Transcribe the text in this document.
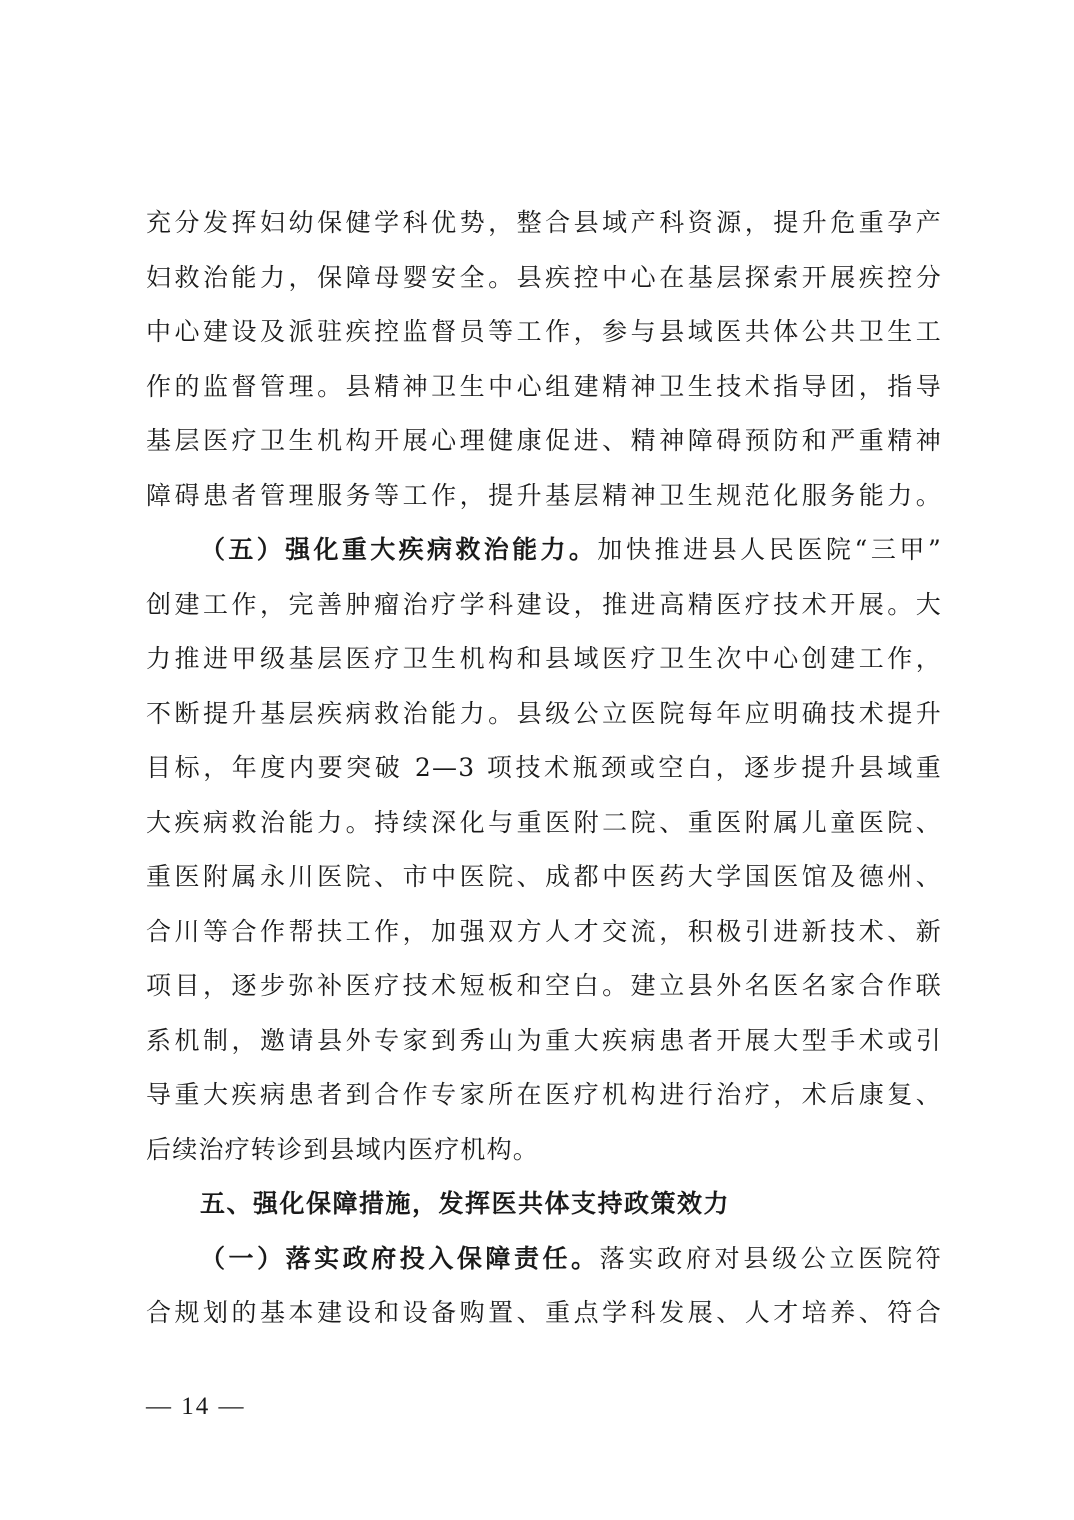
充分发挥妇幼保健学科优势，整合县域产科资源，提升危重孕产
妇救治能力，保障母婴安全。县疾控中心在基层探索开展疾控分
中心建设及派驻疾控监督员等工作，参与县域医共体公共卫生工
作的监督管理。县精神卫生中心组建精神卫生技术指导团，指导
基层医疗卫生机构开展心理健康促进、精神障碍预防和严重精神
障碍患者管理服务等工作，提升基层精神卫生规范化服务能力。
（五）强化重大疾病救治能力。加快推进县人民医院“三甲”
创建工作，完善肿瘤治疗学科建设，推进高精医疗技术开展。大
力推进甲级基层医疗卫生机构和县域医疗卫生次中心创建工作，
不断提升基层疾病救治能力。县级公立医院每年应明确技术提升
目标，年度内要突破 2—3 项技术瓶颈或空白，逐步提升县域重
大疾病救治能力。持续深化与重医附二院、重医附属儿童医院、
重医附属永川医院、市中医院、成都中医药大学国医馆及德州、
合川等合作帮扶工作，加强双方人才交流，积极引进新技术、新
项目，逐步弥补医疗技术短板和空白。建立县外名医名家合作联
系机制，邀请县外专家到秀山为重大疾病患者开展大型手术或引
导重大疾病患者到合作专家所在医疗机构进行治疗，术后康复、
后续治疗转诊到县域内医疗机构。
五、强化保障措施，发挥医共体支持政策效力
（一）落实政府投入保障责任。落实政府对县级公立医院符
合规划的基本建设和设备购置、重点学科发展、人才培养、符合
— 14 —
